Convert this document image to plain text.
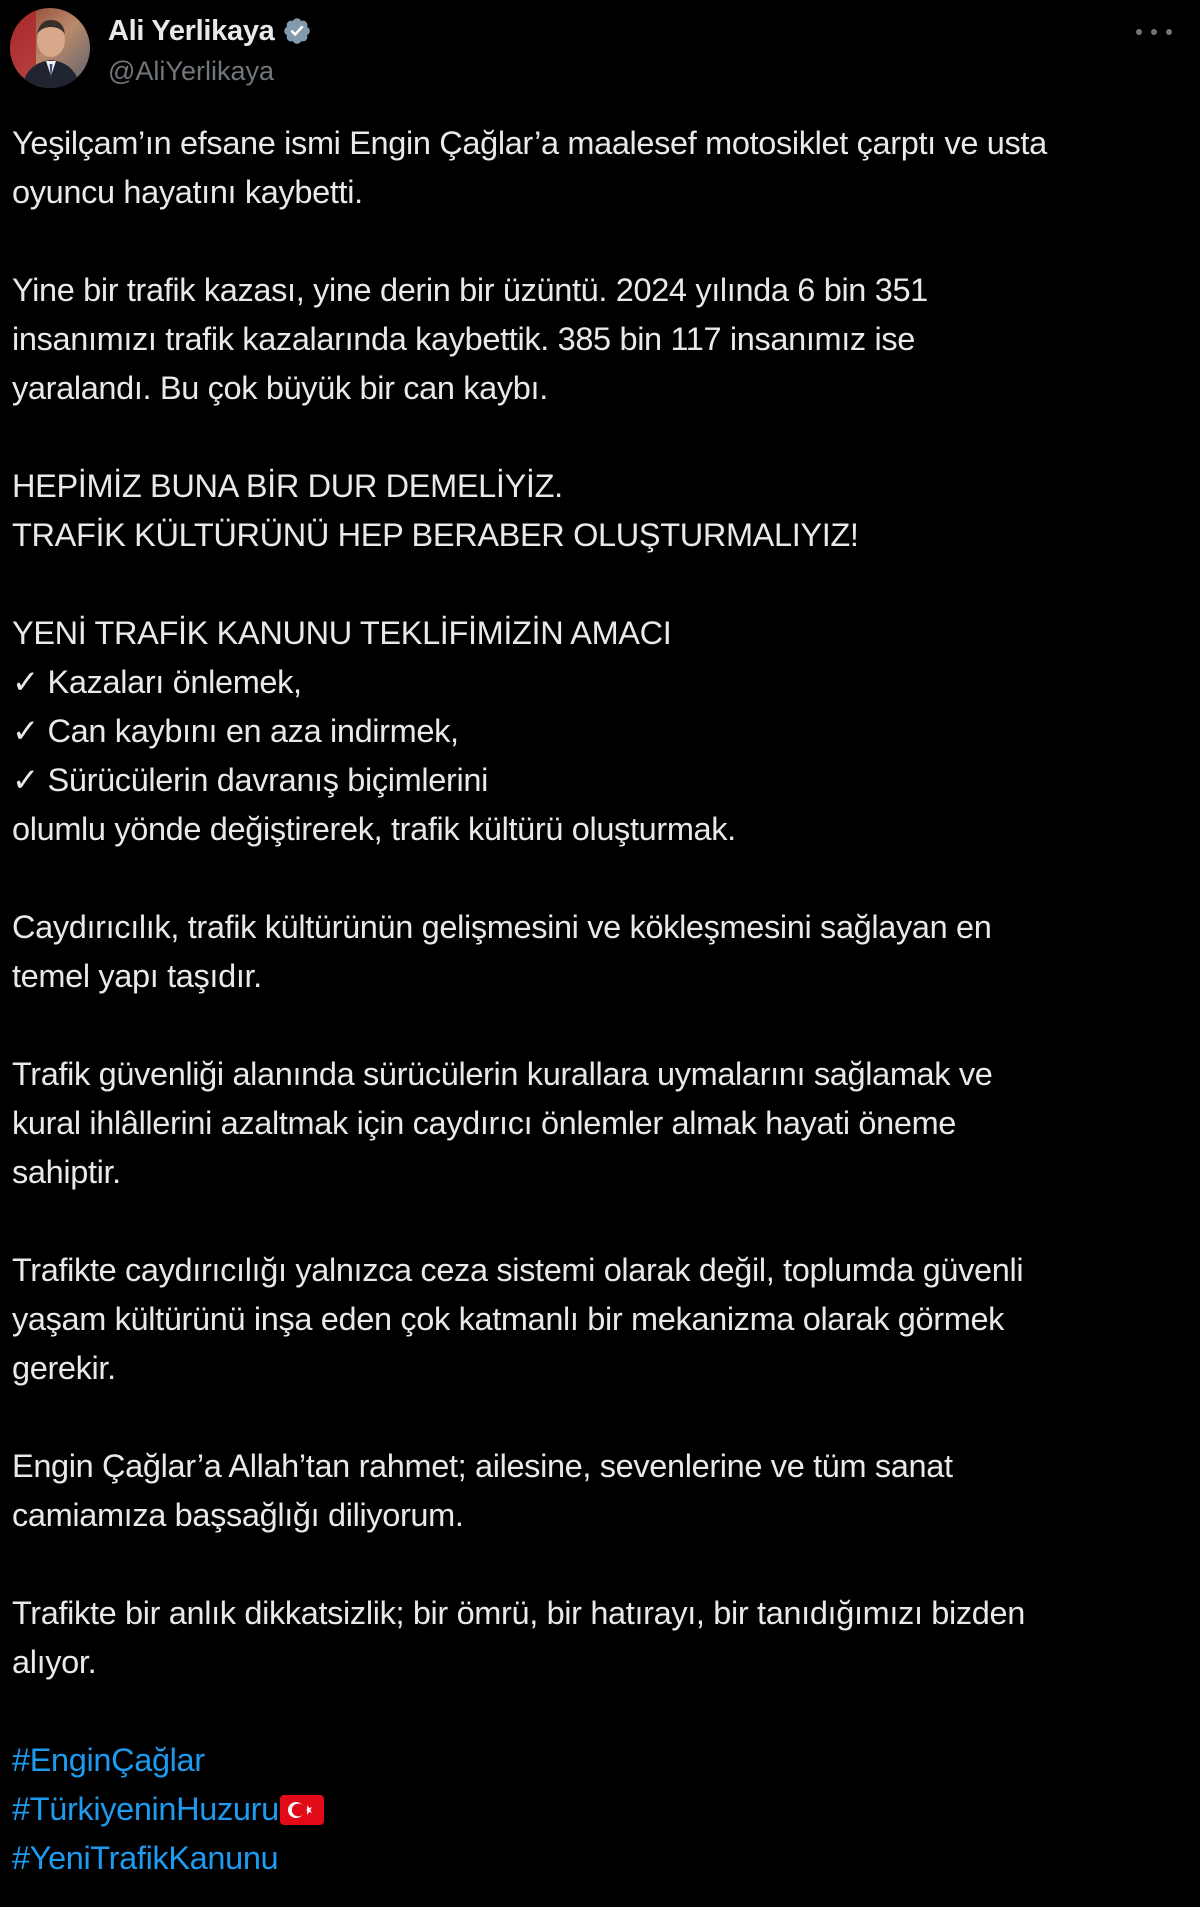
Ali Yerlikaya
@AliYerlikaya
Yeşilçam’ın efsane ismi Engin Çağlar’a maalesef motosiklet çarptı ve usta
oyuncu hayatını kaybetti.
Yine bir trafik kazası, yine derin bir üzüntü. 2024 yılında 6 bin 351
insanımızı trafik kazalarında kaybettik. 385 bin 117 insanımız ise
yaralandı. Bu çok büyük bir can kaybı.
HEPİMİZ BUNA BİR DUR DEMELİYİZ.
TRAFİK KÜLTÜRÜNÜ HEP BERABER OLUŞTURMALIYIZ!
YENİ TRAFİK KANUNU TEKLİFİMİZİN AMACI
✓ Kazaları önlemek,
✓ Can kaybını en aza indirmek,
✓ Sürücülerin davranış biçimlerini
olumlu yönde değiştirerek, trafik kültürü oluşturmak.
Caydırıcılık, trafik kültürünün gelişmesini ve kökleşmesini sağlayan en
temel yapı taşıdır.
Trafik güvenliği alanında sürücülerin kurallara uymalarını sağlamak ve
kural ihlâllerini azaltmak için caydırıcı önlemler almak hayati öneme
sahiptir.
Trafikte caydırıcılığı yalnızca ceza sistemi olarak değil, toplumda güvenli
yaşam kültürünü inşa eden çok katmanlı bir mekanizma olarak görmek
gerekir.
Engin Çağlar’a Allah’tan rahmet; ailesine, sevenlerine ve tüm sanat
camiamıza başsağlığı diliyorum.
Trafikte bir anlık dikkatsizlik; bir ömrü, bir hatırayı, bir tanıdığımızı bizden
alıyor.
#EnginÇağlar
#TürkiyeninHuzuru
#YeniTrafikKanunu
